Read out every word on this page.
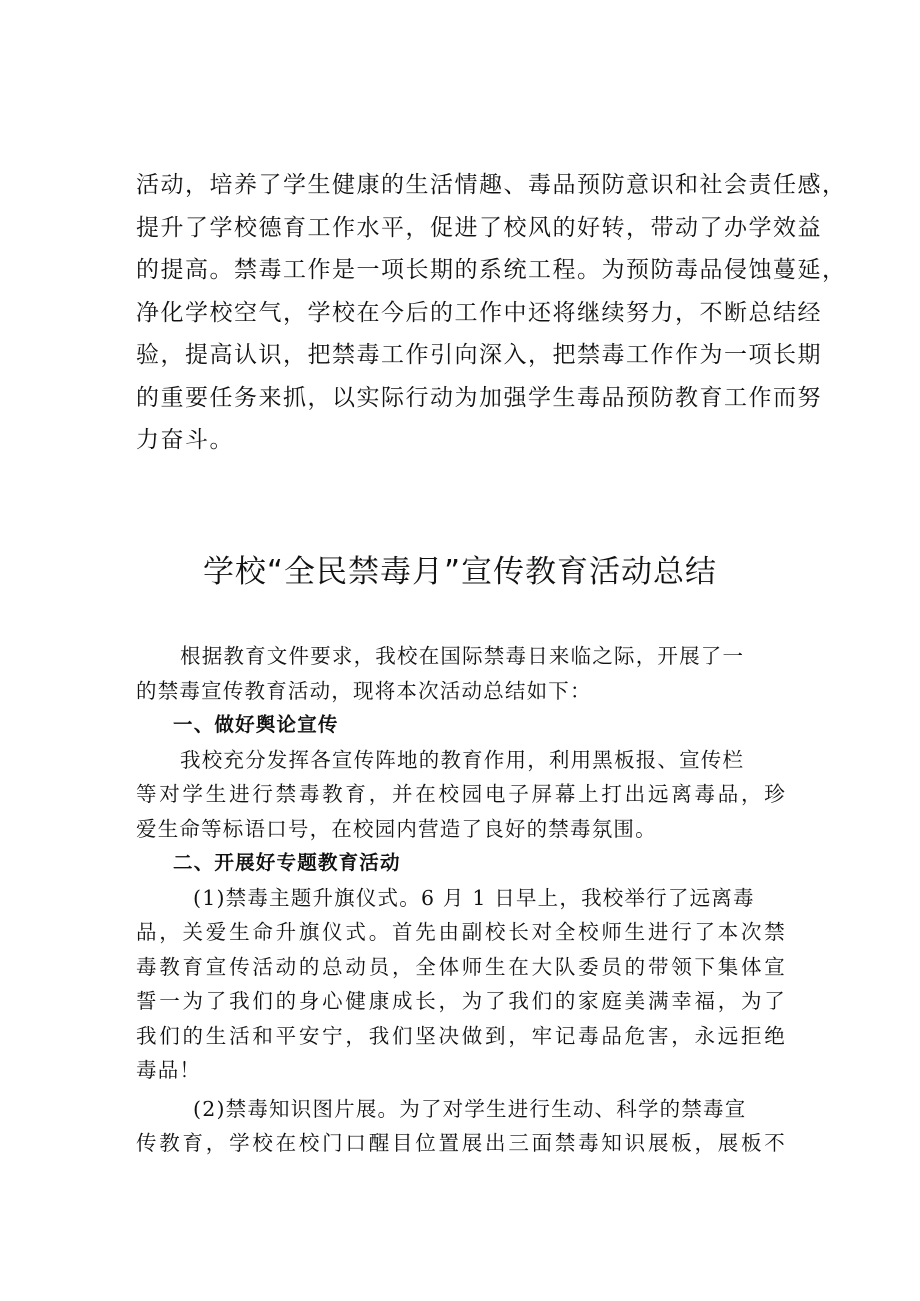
活动，培养了学生健康的生活情趣、毒品预防意识和社会责任感，
提升了学校德育工作水平，促进了校风的好转，带动了办学效益
的提高。禁毒工作是一项长期的系统工程。为预防毒品侵蚀蔓延，
净化学校空气，学校在今后的工作中还将继续努力，不断总结经
验，提高认识，把禁毒工作引向深入，把禁毒工作作为一项长期
的重要任务来抓，以实际行动为加强学生毒品预防教育工作而努
力奋斗。
学校“全民禁毒月”宣传教育活动总结
根据教育文件要求，我校在国际禁毒日来临之际，开展了一
的禁毒宣传教育活动，现将本次活动总结如下：
一、做好舆论宣传
我校充分发挥各宣传阵地的教育作用，利用黑板报、宣传栏
等对学生进行禁毒教育，并在校园电子屏幕上打出远离毒品，珍
爱生命等标语口号，在校园内营造了良好的禁毒氛围。
二、开展好专题教育活动
(1)禁毒主题升旗仪式。6 月 1 日早上，我校举行了远离毒
品，关爱生命升旗仪式。首先由副校长对全校师生进行了本次禁
毒教育宣传活动的总动员，全体师生在大队委员的带领下集体宣
誓一为了我们的身心健康成长，为了我们的家庭美满幸福，为了
我们的生活和平安宁，我们坚决做到，牢记毒品危害，永远拒绝
毒品！
(2)禁毒知识图片展。为了对学生进行生动、科学的禁毒宣
传教育，学校在校门口醒目位置展出三面禁毒知识展板，展板不
